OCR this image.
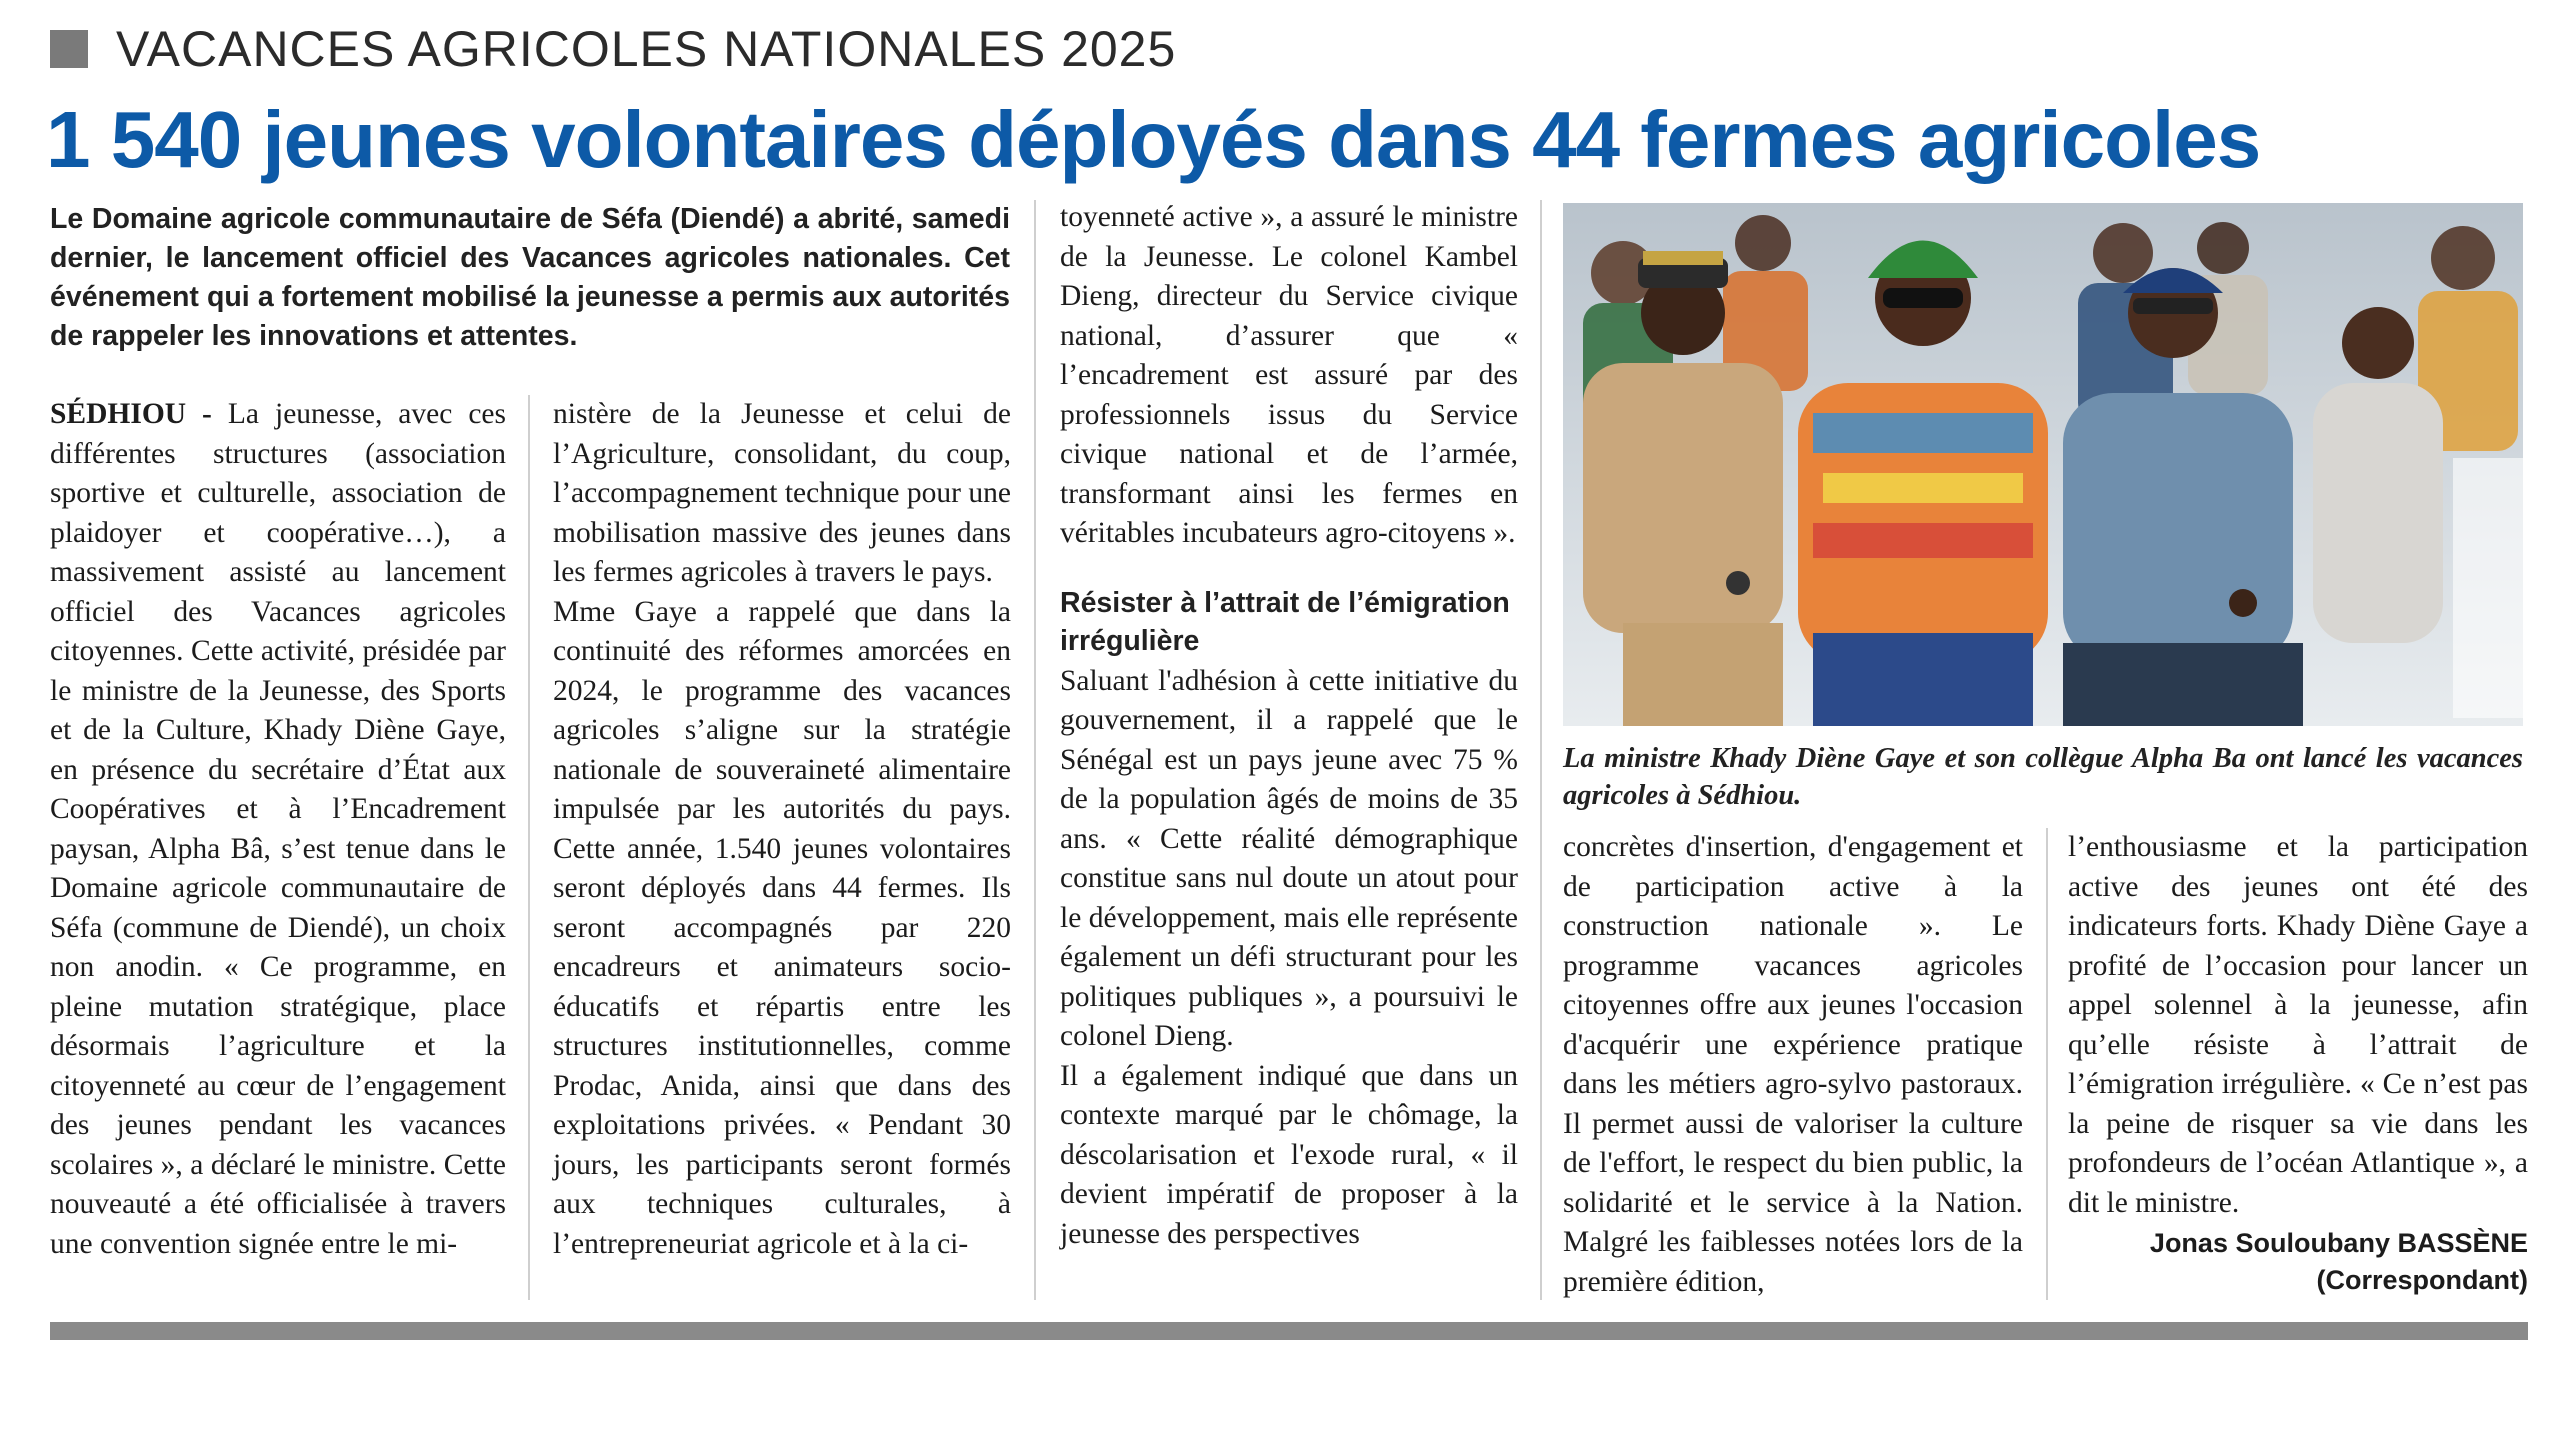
VACANCES AGRICOLES NATIONALES 2025
1 540 jeunes volontaires déployés dans 44 fermes agricoles
Le Domaine agricole communautaire de Séfa (Diendé) a abrité, samedi dernier, le lancement officiel des Vacances agricoles nationales. Cet événement qui a fortement mobilisé la jeunesse a permis aux autorités de rappeler les innovations et attentes.

SÉDHIOU - La jeunesse, avec ces différentes structures (association sportive et culturelle, association de plaidoyer et coopérative…), a massivement assisté au lancement officiel des Vacances agricoles citoyennes. Cette activité, présidée par le ministre de la Jeunesse, des Sports et de la Culture, Khady Diène Gaye, en présence du secrétaire d’État aux Coopératives et à l’Encadrement paysan, Alpha Bâ, s’est tenue dans le Domaine agricole communautaire de Séfa (commune de Diendé), un choix non anodin. « Ce programme, en pleine mutation stratégique, place désormais l’agriculture et la citoyenneté au cœur de l’engagement des jeunes pendant les vacances scolaires », a déclaré le ministre. Cette nouveauté a été officialisée à travers une convention signée entre le mi-

nistère de la Jeunesse et celui de l’Agriculture, consolidant, du coup, l’accompagnement technique pour une mobilisation massive des jeunes dans les fermes agricoles à travers le pays.

Mme Gaye a rappelé que dans la continuité des réformes amorcées en 2024, le programme des vacances agricoles s’aligne sur la stratégie nationale de souveraineté alimentaire impulsée par les autorités du pays. Cette année, 1.540 jeunes volontaires seront déployés dans 44 fermes. Ils seront accompagnés par 220 encadreurs et animateurs socio-éducatifs et répartis entre les structures institutionnelles, comme Prodac, Anida, ainsi que dans des exploitations privées. « Pendant 30 jours, les participants seront formés aux techniques culturales, à l’entrepreneuriat agricole et à la ci-

toyenneté active », a assuré le ministre de la Jeunesse. Le colonel Kambel Dieng, directeur du Service civique national, d’assurer que « l’encadrement est assuré par des professionnels issus du Service civique national et de l’armée, transformant ainsi les fermes en véritables incubateurs agro-citoyens ».

Résister à l’attrait de l’émigration irrégulière

Saluant l'adhésion à cette initiative du gouvernement, il a rappelé que le Sénégal est un pays jeune avec 75 % de la population âgés de moins de 35 ans. « Cette réalité démographique constitue sans nul doute un atout pour le développement, mais elle représente également un défi structurant pour les politiques publiques », a poursuivi le colonel Dieng.

Il a également indiqué que dans un contexte marqué par le chômage, la déscolarisation et l'exode rural, « il devient impératif de proposer à la jeunesse des perspectives

La ministre Khady Diène Gaye et son collègue Alpha Ba ont lancé les vacances agricoles à Sédhiou.

concrètes d'insertion, d'engagement et de participation active à la construction nationale ». Le programme vacances agricoles citoyennes offre aux jeunes l'occasion d'acquérir une expérience pratique dans les métiers agro-sylvo pastoraux. Il permet aussi de valoriser la culture de l'effort, le respect du bien public, la solidarité et le service à la Nation. Malgré les faiblesses notées lors de la première édition,

l’enthousiasme et la participation active des jeunes ont été des indicateurs forts. Khady Diène Gaye a profité de l’occasion pour lancer un appel solennel à la jeunesse, afin qu’elle résiste à l’attrait de l’émigration irrégulière. « Ce n’est pas la peine de risquer sa vie dans les profondeurs de l’océan Atlantique », a dit le ministre.

Jonas Souloubany BASSÈNE

(Correspondant)
